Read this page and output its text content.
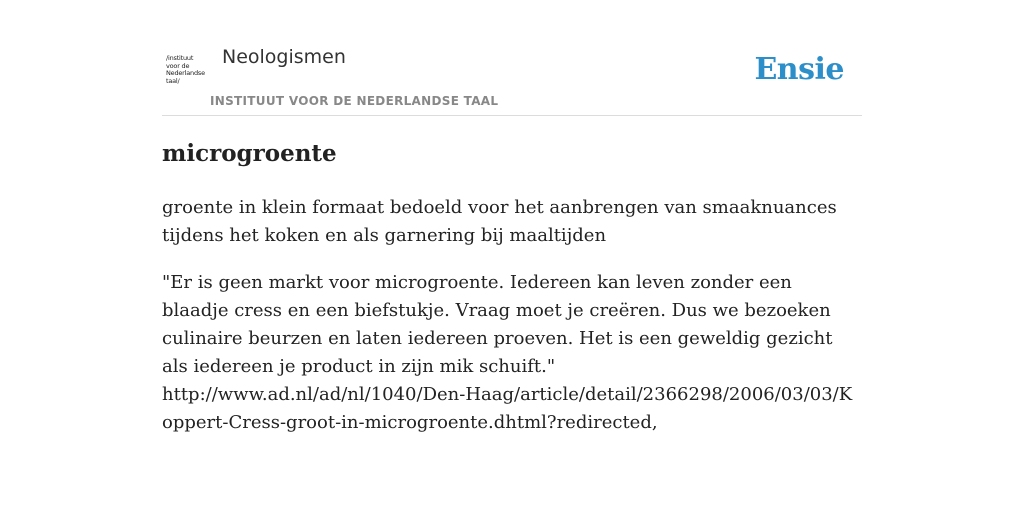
/instituut
voor de
Nederlandse
taal/
Neologismen
INSTITUUT VOOR DE NEDERLANDSE TAAL
Ensie
microgroente

groente in klein formaat bedoeld voor het aanbrengen van smaaknuances tijdens het koken en als garnering bij maaltijden

"Er is geen markt voor microgroente. Iedereen kan leven zonder een blaadje cress en een biefstukje. Vraag moet je creëren. Dus we bezoeken culinaire beurzen en laten iedereen proeven. Het is een geweldig gezicht als iedereen je product in zijn mik schuift."
http://www.ad.nl/ad/nl/1040/Den-Haag/article/detail/2366298/2006/03/03/Koppert-Cress-groot-in-microgroente.dhtml?redirected,
